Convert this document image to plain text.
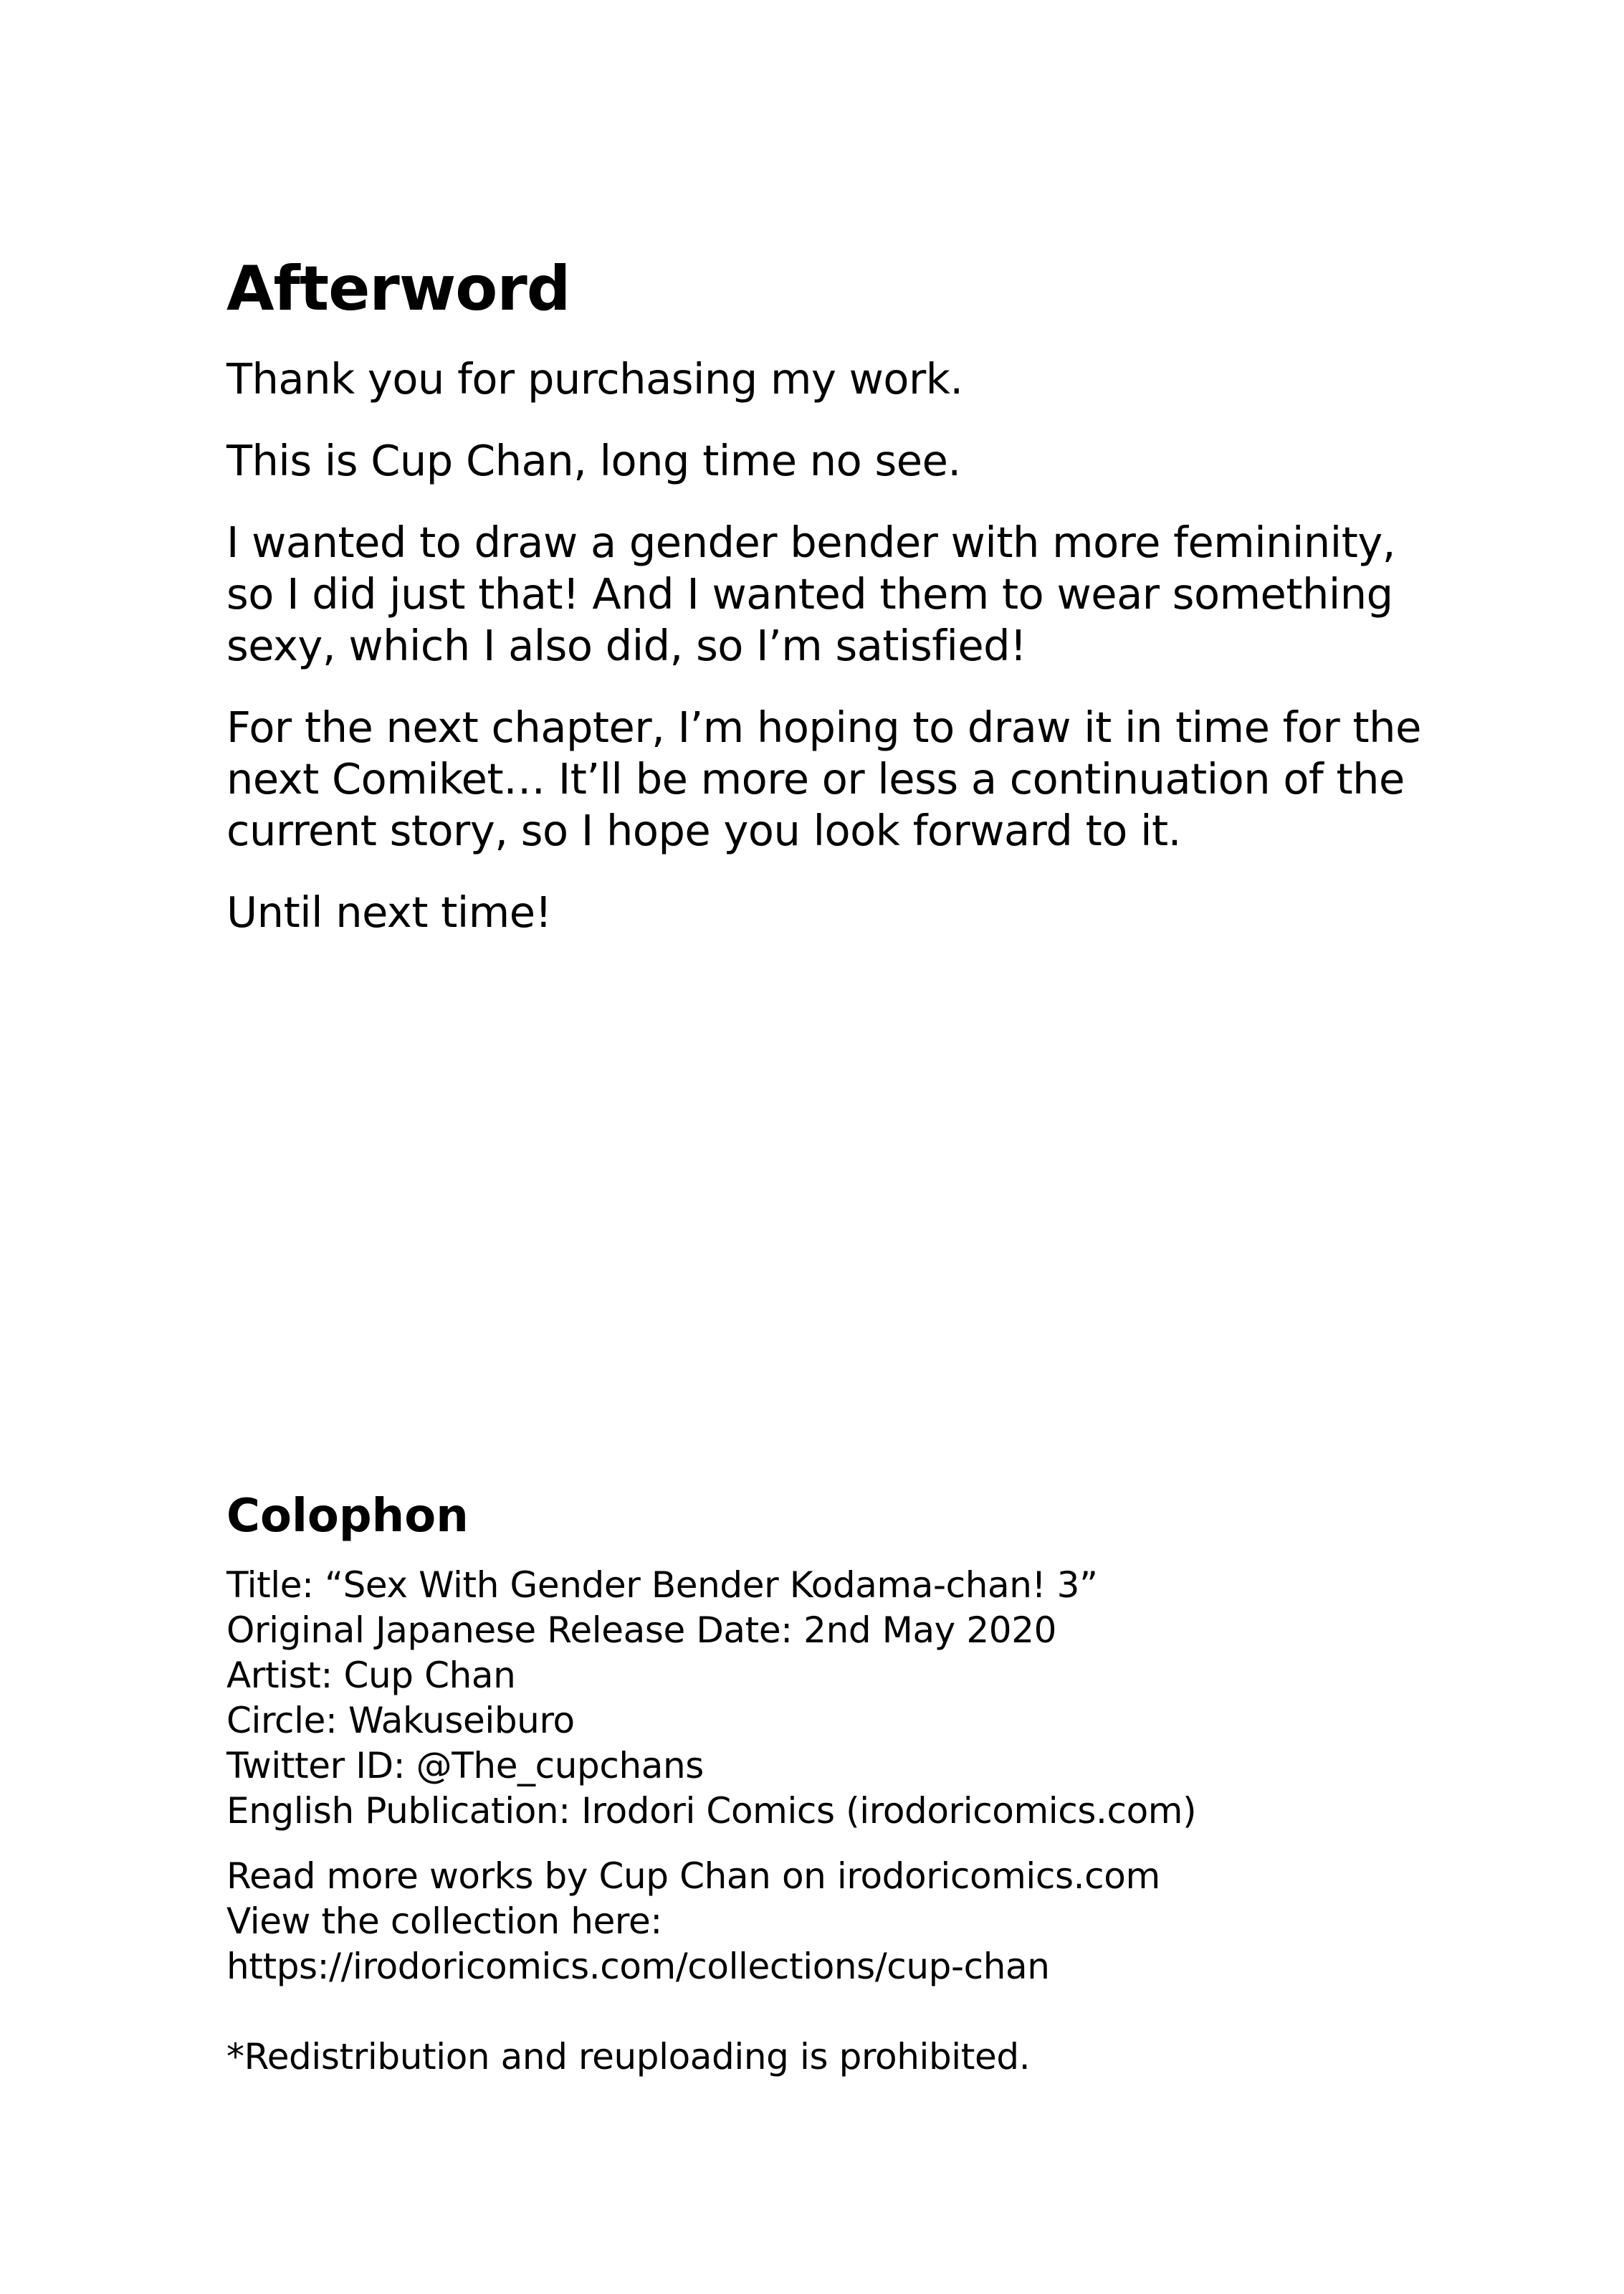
Afterword

Thank you for purchasing my work.

This is Cup Chan, long time no see.

I wanted to draw a gender bender with more femininity, so I did just that! And I wanted them to wear something sexy, which I also did, so I’m satisfied!

For the next chapter, I’m hoping to draw it in time for the next Comiket… It’ll be more or less a continuation of the current story, so I hope you look forward to it.

Until next time!

Colophon
Title: “Sex With Gender Bender Kodama-chan! 3”
Original Japanese Release Date: 2nd May 2020
Artist: Cup Chan
Circle: Wakuseiburo
Twitter ID: @The_cupchans
English Publication: Irodori Comics (irodoricomics.com)
Read more works by Cup Chan on irodoricomics.com
View the collection here:
https://irodoricomics.com/collections/cup-chan
*Redistribution and reuploading is prohibited.
